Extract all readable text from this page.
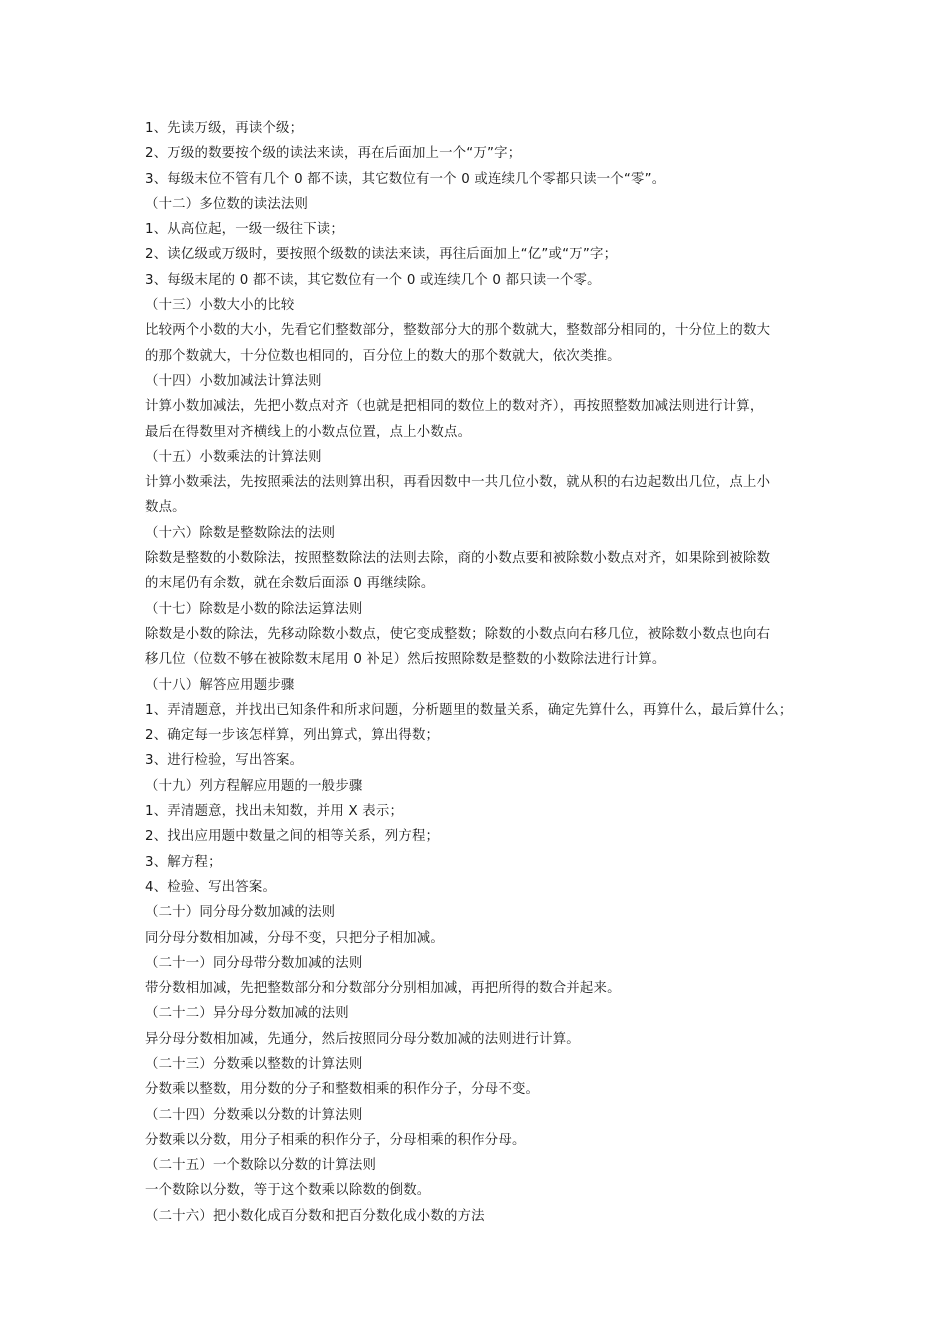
1、先读万级，再读个级；
2、万级的数要按个级的读法来读，再在后面加上一个“万”字；
3、每级末位不管有几个 0 都不读，其它数位有一个 0 或连续几个零都只读一个“零”。
（十二）多位数的读法法则
1、从高位起，一级一级往下读；
2、读亿级或万级时，要按照个级数的读法来读，再往后面加上“亿”或“万”字；
3、每级末尾的 0 都不读，其它数位有一个 0 或连续几个 0 都只读一个零。
（十三）小数大小的比较
比较两个小数的大小，先看它们整数部分，整数部分大的那个数就大，整数部分相同的，十分位上的数大
的那个数就大，十分位数也相同的，百分位上的数大的那个数就大，依次类推。
（十四）小数加减法计算法则
计算小数加减法，先把小数点对齐（也就是把相同的数位上的数对齐），再按照整数加减法则进行计算，
最后在得数里对齐横线上的小数点位置，点上小数点。
（十五）小数乘法的计算法则
计算小数乘法，先按照乘法的法则算出积，再看因数中一共几位小数，就从积的右边起数出几位，点上小
数点。
（十六）除数是整数除法的法则
除数是整数的小数除法，按照整数除法的法则去除，商的小数点要和被除数小数点对齐，如果除到被除数
的末尾仍有余数，就在余数后面添 0 再继续除。
（十七）除数是小数的除法运算法则
除数是小数的除法，先移动除数小数点，使它变成整数；除数的小数点向右移几位，被除数小数点也向右
移几位（位数不够在被除数末尾用 0 补足）然后按照除数是整数的小数除法进行计算。
（十八）解答应用题步骤
1、弄清题意，并找出已知条件和所求问题，分析题里的数量关系，确定先算什么，再算什么，最后算什么；
2、确定每一步该怎样算，列出算式，算出得数；
3、进行检验，写出答案。
（十九）列方程解应用题的一般步骤
1、弄清题意，找出未知数，并用 X 表示；
2、找出应用题中数量之间的相等关系，列方程；
3、解方程；
4、检验、写出答案。
（二十）同分母分数加减的法则
同分母分数相加减，分母不变，只把分子相加减。
（二十一）同分母带分数加减的法则
带分数相加减，先把整数部分和分数部分分别相加减，再把所得的数合并起来。
（二十二）异分母分数加减的法则
异分母分数相加减，先通分，然后按照同分母分数加减的法则进行计算。
（二十三）分数乘以整数的计算法则
分数乘以整数，用分数的分子和整数相乘的积作分子，分母不变。
（二十四）分数乘以分数的计算法则
分数乘以分数，用分子相乘的积作分子，分母相乘的积作分母。
（二十五）一个数除以分数的计算法则
一个数除以分数，等于这个数乘以除数的倒数。
（二十六）把小数化成百分数和把百分数化成小数的方法
